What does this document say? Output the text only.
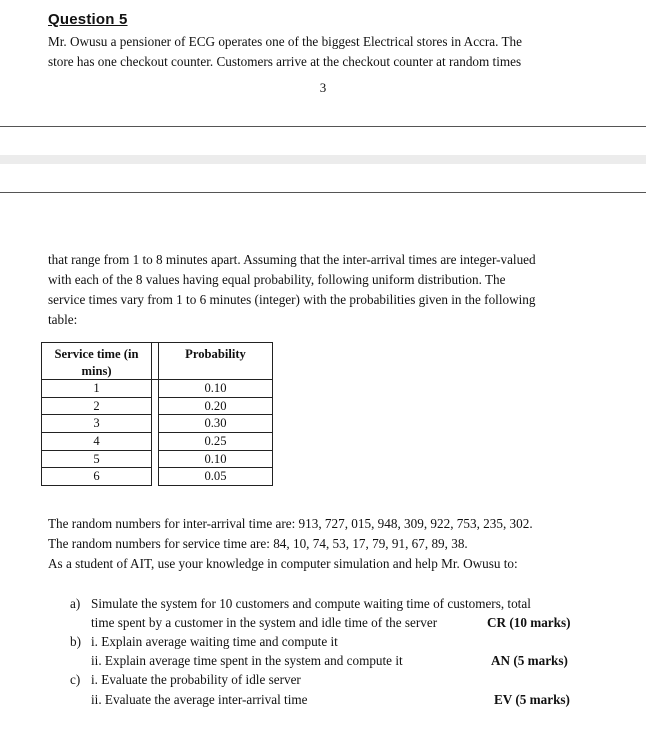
Question 5
Mr. Owusu a pensioner of ECG operates one of the biggest Electrical stores in Accra. The
store has one checkout counter. Customers arrive at the checkout counter at random times
3
that range from 1 to 8 minutes apart. Assuming that the inter-arrival times are integer-valued
with each of the 8 values having equal probability, following uniform distribution. The
service times vary from 1 to 6 minutes (integer) with the probabilities given in the following
table:
Service time (in
mins)		Probability
1		0.10
2		0.20
3		0.30
4		0.25
5		0.10
6		0.05
The random numbers for inter-arrival time are: 913, 727, 015, 948, 309, 922, 753, 235, 302.
The random numbers for service time are: 84, 10, 74, 53, 17, 79, 91, 67, 89, 38.
As a student of AIT, use your knowledge in computer simulation and help Mr. Owusu to:
a) Simulate the system for 10 customers and compute waiting time of customers, total
time spent by a customer in the system and idle time of the server	CR (10 marks)
b) i. Explain average waiting time and compute it
ii. Explain average time spent in the system and compute it	AN (5 marks)
c) i. Evaluate the probability of idle server
ii. Evaluate the average inter-arrival time	EV (5 marks)
